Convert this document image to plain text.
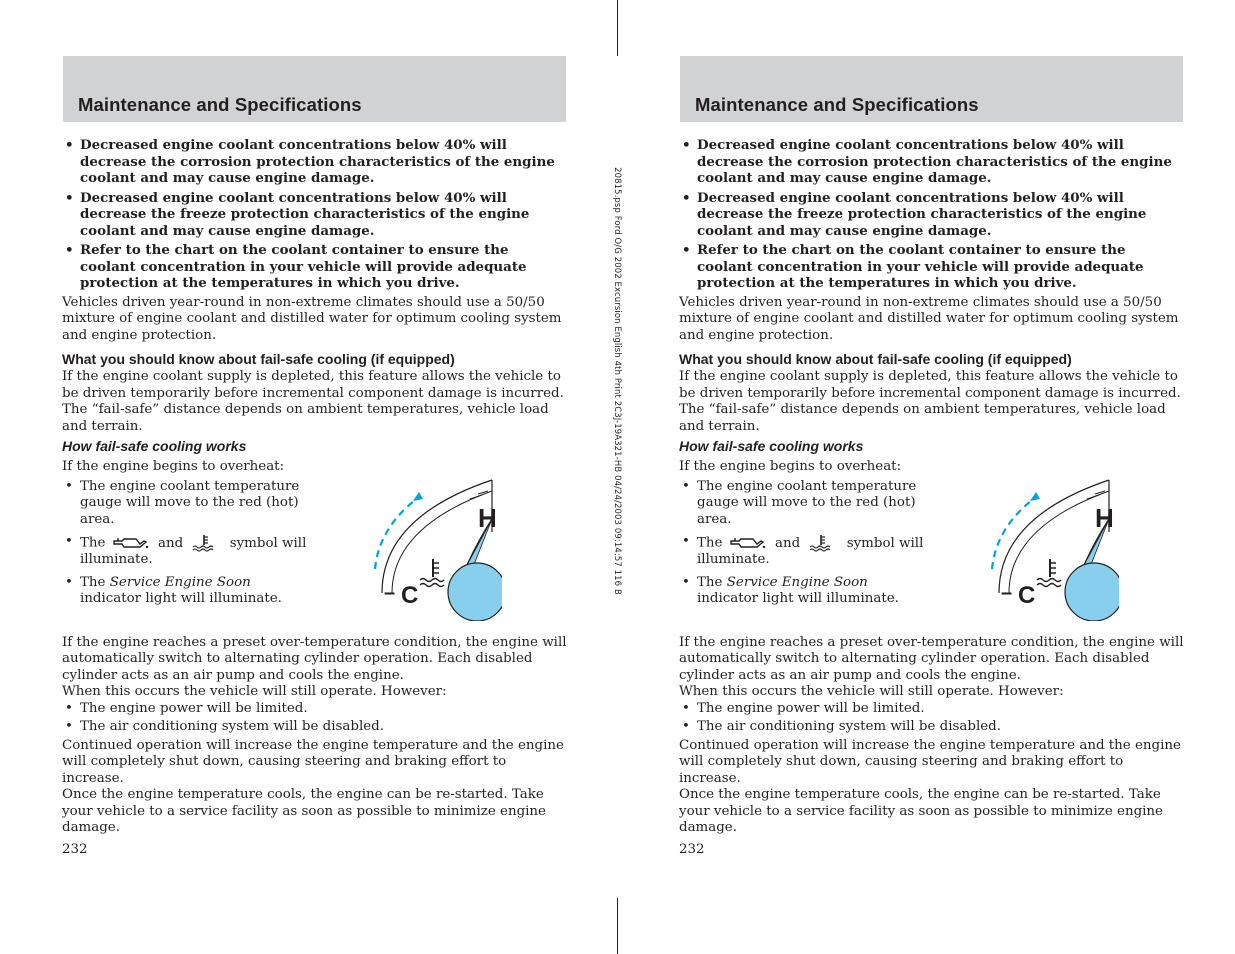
20815.psp Ford O/G 2002 Excursion English 4th Print 2C3J-19A321-HB 04/24/2003 09:14:57 116 B
Maintenance and Specifications
• Decreased engine coolant concentrations below 40% will decrease the corrosion protection characteristics of the engine coolant and may cause engine damage.
• Decreased engine coolant concentrations below 40% will decrease the freeze protection characteristics of the engine coolant and may cause engine damage.
• Refer to the chart on the coolant container to ensure the coolant concentration in your vehicle will provide adequate protection at the temperatures in which you drive.

Vehicles driven year-round in non-extreme climates should use a 50/50 mixture of engine coolant and distilled water for optimum cooling system and engine protection.

What you should know about fail-safe cooling (if equipped)

If the engine coolant supply is depleted, this feature allows the vehicle to be driven temporarily before incremental component damage is incurred. The “fail-safe” distance depends on ambient temperatures, vehicle load and terrain.

How fail-safe cooling works

If the engine begins to overheat:

• The engine coolant temperature gauge will move to the red (hot) area.
• The	and	symbol will illuminate.
• The Service Engine Soon indicator light will illuminate.
H
C
–

If the engine reaches a preset over-temperature condition, the engine will automatically switch to alternating cylinder operation. Each disabled cylinder acts as an air pump and cools the engine.

When this occurs the vehicle will still operate. However:

• The engine power will be limited.
• The air conditioning system will be disabled.

Continued operation will increase the engine temperature and the engine will completely shut down, causing steering and braking effort to increase.

Once the engine temperature cools, the engine can be re-started. Take your vehicle to a service facility as soon as possible to minimize engine damage.

232
Maintenance and Specifications
• Decreased engine coolant concentrations below 40% will decrease the corrosion protection characteristics of the engine coolant and may cause engine damage.
• Decreased engine coolant concentrations below 40% will decrease the freeze protection characteristics of the engine coolant and may cause engine damage.
• Refer to the chart on the coolant container to ensure the coolant concentration in your vehicle will provide adequate protection at the temperatures in which you drive.

Vehicles driven year-round in non-extreme climates should use a 50/50 mixture of engine coolant and distilled water for optimum cooling system and engine protection.

What you should know about fail-safe cooling (if equipped)

If the engine coolant supply is depleted, this feature allows the vehicle to be driven temporarily before incremental component damage is incurred. The “fail-safe” distance depends on ambient temperatures, vehicle load and terrain.

How fail-safe cooling works

If the engine begins to overheat:

• The engine coolant temperature gauge will move to the red (hot) area.
• The	and	symbol will illuminate.
• The Service Engine Soon indicator light will illuminate.
H
C
–

If the engine reaches a preset over-temperature condition, the engine will automatically switch to alternating cylinder operation. Each disabled cylinder acts as an air pump and cools the engine.

When this occurs the vehicle will still operate. However:

• The engine power will be limited.
• The air conditioning system will be disabled.

Continued operation will increase the engine temperature and the engine will completely shut down, causing steering and braking effort to increase.

Once the engine temperature cools, the engine can be re-started. Take your vehicle to a service facility as soon as possible to minimize engine damage.

232
